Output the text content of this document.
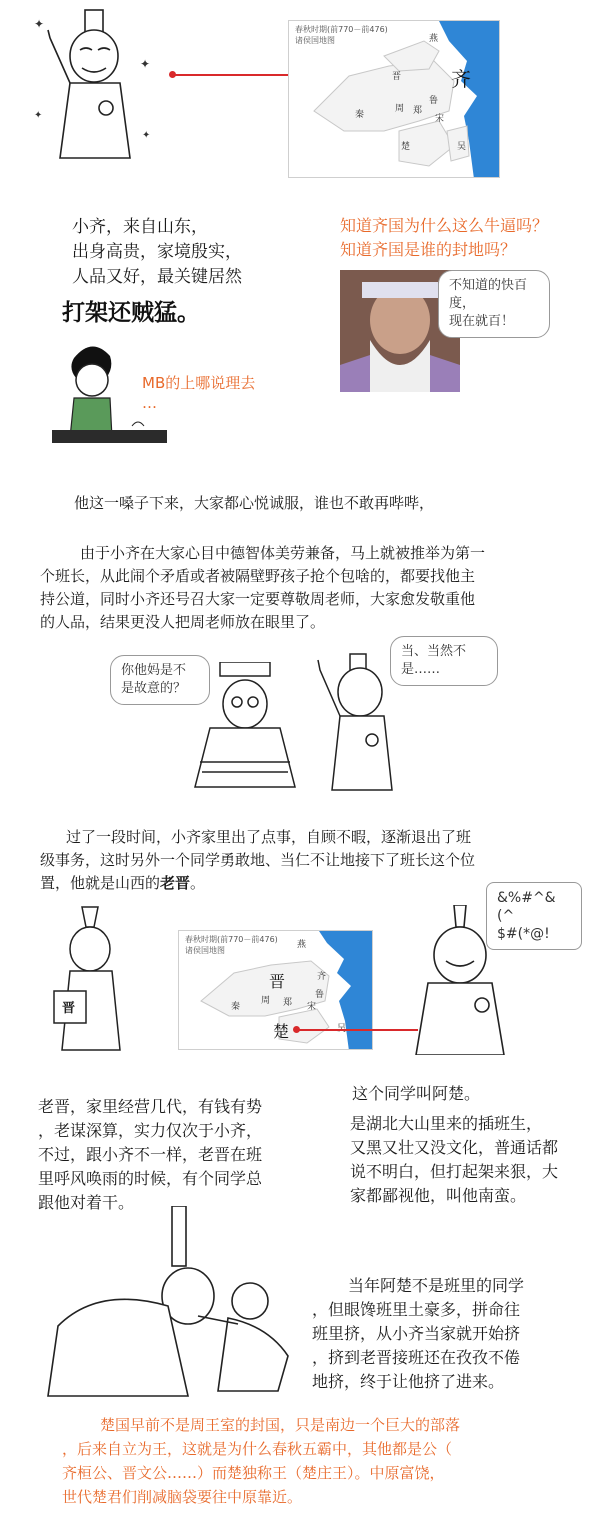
✦
✦
✦
✦
春秋时期(前770－前476)
诸侯国地图	燕
晋
鲁
秦
周 郑
宋
楚	吴
齐
小齐，来自山东，
出身高贵，家境殷实，
人品又好，最关键居然
打架还贼猛。
知道齐国为什么这么牛逼吗？
知道齐国是谁的封地吗？
不知道的快百度，
现在就百！
MB的上哪说理去
…
他这一嗓子下来，大家都心悦诚服，谁也不敢再哔哔，
由于小齐在大家心目中德智体美劳兼备，马上就被推举为第一
个班长，从此闹个矛盾或者被隔壁野孩子抢个包啥的，都要找他主
持公道，同时小齐还号召大家一定要尊敬周老师，大家愈发敬重他
的人品，结果更没人把周老师放在眼里了。
你他妈是不
是故意的？
当、当然不
是……
过了一段时间，小齐家里出了点事，自顾不暇，逐渐退出了班
级事务，这时另外一个同学勇敢地、当仁不让地接下了班长这个位
置，他就是山西的老晋。
晋
春秋时期(前770－前476)
诸侯国地图
燕
晋	齐
鲁
秦
周 郑 宋
楚
&%#^&(^
$#(*@!
老晋，家里经营几代，有钱有势
，老谋深算，实力仅次于小齐，
不过，跟小齐不一样，老晋在班
里呼风唤雨的时候，有个同学总
跟他对着干。
这个同学叫阿楚。
是湖北大山里来的插班生，
又黑又壮又没文化，普通话都
说不明白，但打起架来狠，大
家都鄙视他，叫他南蛮。
当年阿楚不是班里的同学
，但眼馋班里土豪多，拼命往
班里挤，从小齐当家就开始挤
，挤到老晋接班还在孜孜不倦
地挤，终于让他挤了进来。
楚国早前不是周王室的封国，只是南边一个巨大的部落
，后来自立为王，这就是为什么春秋五霸中，其他都是公（
齐桓公、晋文公……）而楚独称王（楚庄王）。中原富饶，
世代楚君们削减脑袋要往中原靠近。
